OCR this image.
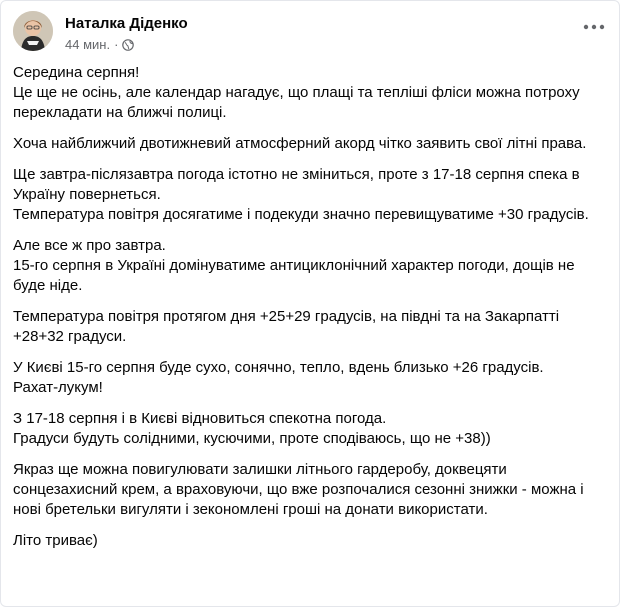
Наталка Діденко
44 мин. ·

Середина серпня!
Це ще не осінь, але календар нагадує, що плащі та тепліші фліси можна потроху перекладати на ближчі полиці.

Хоча найближчий двотижневий атмосферний акорд чітко заявить свої літні права.

Ще завтра-післязавтра погода істотно не зміниться, проте з 17-18 серпня спека в Україну повернеться.
Температура повітря досягатиме і подекуди значно перевищуватиме +30 градусів.

Але все ж про завтра.
15-го серпня в Україні домінуватиме антициклонічний характер погоди, дощів не буде ніде.

Температура повітря протягом дня +25+29 градусів, на півдні та на Закарпатті +28+32 градуси.

У Києві 15-го серпня буде сухо, сонячно, тепло, вдень близько +26 градусів.
Рахат-лукум!

З 17-18 серпня і в Києві відновиться спекотна погода.
Градуси будуть солідними, кусючими, проте сподіваюсь, що не +38))

Якраз ще можна повигулювати залишки літнього гардеробу, доквецяти сонцезахисний крем, а враховуючи, що вже розпочалися сезонні знижки - можна і нові бретельки вигуляти і зекономлені гроші на донати використати.

Літо триває)
